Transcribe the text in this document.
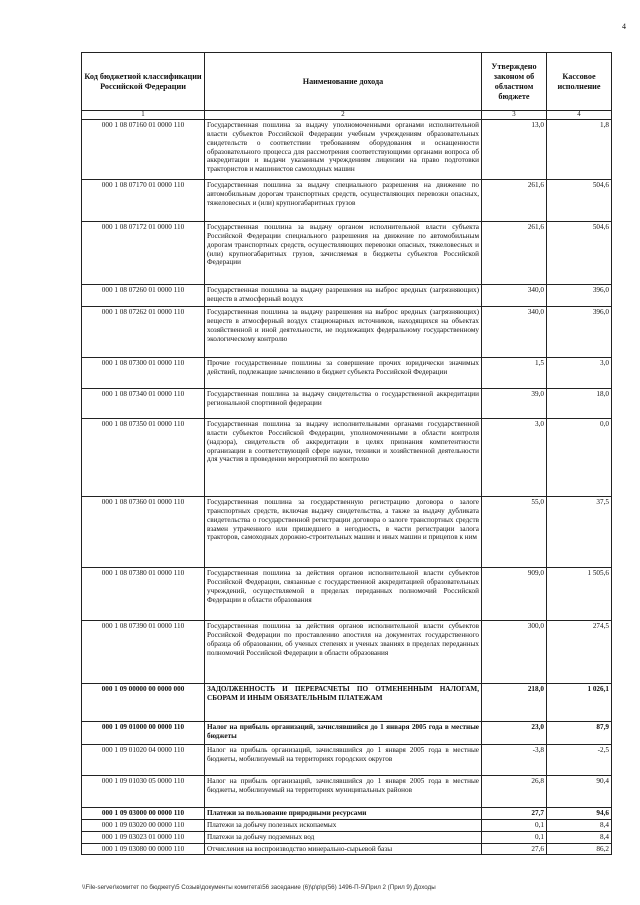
4
Код бюджетной классификации Российской Федерации	Наименование дохода	Утверждено законом об областном бюджете	Кассовое исполнение
1	2	3	4
000 1 08 07160 01 0000 110	Государственная пошлина за выдачу уполномоченными органами исполнительной власти субъектов Российской Федерации учебным учреждениям образовательных свидетельств о соответствии требованиям оборудования и оснащенности образовательного процесса для рассмотрения соответствующими органами вопроса об аккредитации и выдачи указанным учреждениям лицензии на право подготовки трактористов и машинистов самоходных машин	13,0	1,8
000 1 08 07170 01 0000 110	Государственная пошлина за выдачу специального разрешения на движение по автомобильным дорогам транспортных средств, осуществляющих перевозки опасных, тяжеловесных и (или) крупногабаритных грузов	261,6	504,6
000 1 08 07172 01 0000 110	Государственная пошлина за выдачу органом исполнительной власти субъекта Российской Федерации специального разрешения на движение по автомобильным дорогам транспортных средств, осуществляющих перевозки опасных, тяжеловесных и (или) крупногабаритных грузов, зачисляемая в бюджеты субъектов Российской Федерации	261,6	504,6
000 1 08 07260 01 0000 110	Государственная пошлина за выдачу разрешения на выброс вредных (загрязняющих) веществ в атмосферный воздух	340,0	396,0
000 1 08 07262 01 0000 110	Государственная пошлина за выдачу разрешения на выброс вредных (загрязняющих) веществ в атмосферный воздух стационарных источников, находящихся на объектах хозяйственной и иной деятельности, не подлежащих федеральному государственному экологическому контролю	340,0	396,0
000 1 08 07300 01 0000 110	Прочие государственные пошлины за совершение прочих юридически значимых действий, подлежащие зачислению в бюджет субъекта Российской Федерации	1,5	3,0
000 1 08 07340 01 0000 110	Государственная пошлина за выдачу свидетельства о государственной аккредитации региональной спортивной федерации	39,0	18,0
000 1 08 07350 01 0000 110	Государственная пошлина за выдачу исполнительными органами государственной власти субъектов Российской Федерации, уполномоченными в области контроля (надзора), свидетельств об аккредитации в целях признания компетентности организации в соответствующей сфере науки, техники и хозяйственной деятельности для участия в проведении мероприятий по контролю	3,0	0,0
000 1 08 07360 01 0000 110	Государственная пошлина за государственную регистрацию договора о залоге транспортных средств, включая выдачу свидетельства, а также за выдачу дубликата свидетельства о государственной регистрации договора о залоге транспортных средств взамен утраченного или пришедшего в негодность, в части регистрации залога тракторов, самоходных дорожно-строительных машин и иных машин и прицепов к ним	55,0	37,5
000 1 08 07380 01 0000 110	Государственная пошлина за действия органов исполнительной власти субъектов Российской Федерации, связанные с государственной аккредитацией образовательных учреждений, осуществляемой в пределах переданных полномочий Российской Федерации в области образования	909,0	1 505,6
000 1 08 07390 01 0000 110	Государственная пошлина за действия органов исполнительной власти субъектов Российской Федерации по проставлению апостиля на документах государственного образца об образовании, об ученых степенях и ученых званиях в пределах переданных полномочий Российской Федерации в области образования	300,0	274,5
000 1 09 00000 00 0000 000	ЗАДОЛЖЕННОСТЬ И ПЕРЕРАСЧЕТЫ ПО ОТМЕНЕННЫМ НАЛОГАМ, СБОРАМ И ИНЫМ ОБЯЗАТЕЛЬНЫМ ПЛАТЕЖАМ	218,0	1 026,1
000 1 09 01000 00 0000 110	Налог на прибыль организаций, зачислявшийся до 1 января 2005 года в местные бюджеты	23,0	87,9
000 1 09 01020 04 0000 110	Налог на прибыль организаций, зачислявшийся до 1 января 2005 года в местные бюджеты, мобилизуемый на территориях городских округов	-3,8	-2,5
000 1 09 01030 05 0000 110	Налог на прибыль организаций, зачислявшийся до 1 января 2005 года в местные бюджеты, мобилизуемый на территориях муниципальных районов	26,8	90,4
000 1 09 03000 00 0000 110	Платежи за пользование природными ресурсами	27,7	94,6
000 1 09 03020 00 0000 110	Платежи за добычу полезных ископаемых	0,1	8,4
000 1 09 03023 01 0000 110	Платежи за добычу подземных вод	0,1	8,4
000 1 09 03080 00 0000 110	Отчисления на воспроизводство минерально-сырьевой базы	27,6	86,2
\\File-server\комитет по бюджету\5 Созыв\документы комитета\56 заседание (6)\р\р\р(56) 1496-П-5\Прил 2 (Прил 9) Доходы
